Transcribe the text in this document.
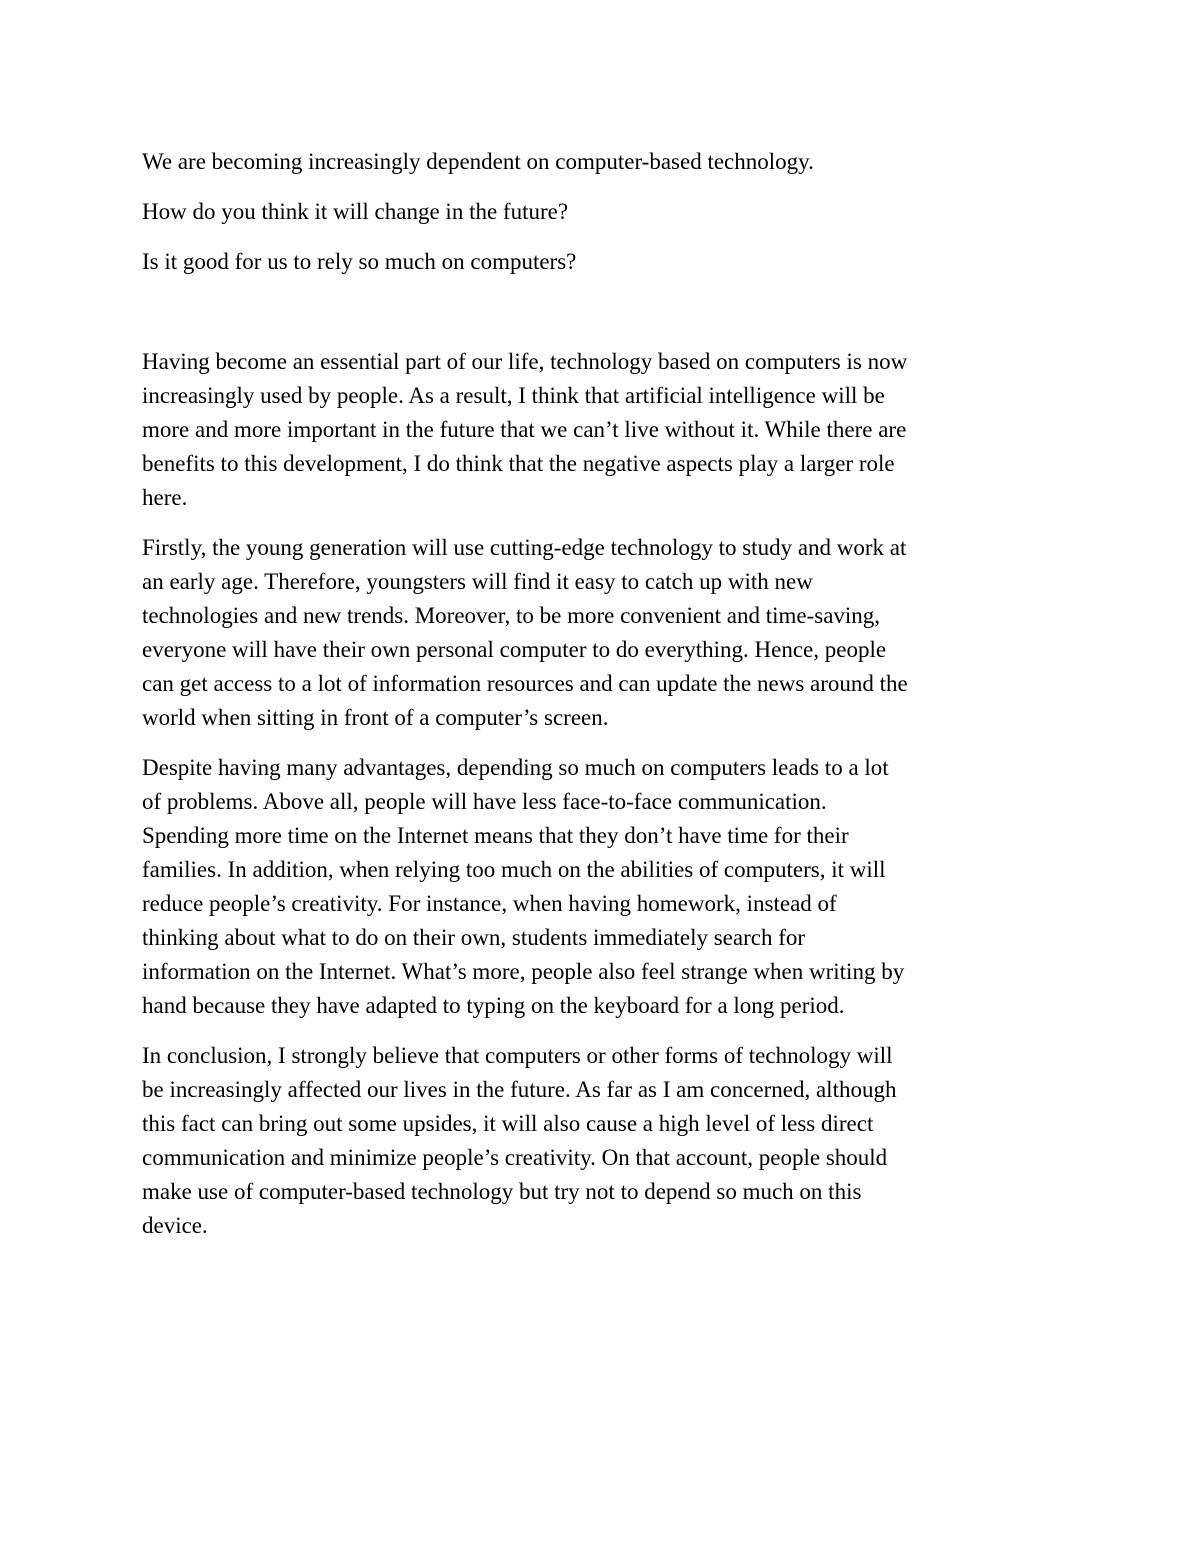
We are becoming increasingly dependent on computer-based technology.
How do you think it will change in the future?
Is it good for us to rely so much on computers?

Having become an essential part of our life, technology based on computers is now
increasingly used by people. As a result, I think that artificial intelligence will be
more and more important in the future that we can’t live without it. While there are
benefits to this development, I do think that the negative aspects play a larger role
here.

Firstly, the young generation will use cutting-edge technology to study and work at
an early age. Therefore, youngsters will find it easy to catch up with new
technologies and new trends. Moreover, to be more convenient and time-saving,
everyone will have their own personal computer to do everything. Hence, people
can get access to a lot of information resources and can update the news around the
world when sitting in front of a computer’s screen.

Despite having many advantages, depending so much on computers leads to a lot
of problems. Above all, people will have less face-to-face communication.
Spending more time on the Internet means that they don’t have time for their
families. In addition, when relying too much on the abilities of computers, it will
reduce people’s creativity. For instance, when having homework, instead of
thinking about what to do on their own, students immediately search for
information on the Internet. What’s more, people also feel strange when writing by
hand because they have adapted to typing on the keyboard for a long period.

In conclusion, I strongly believe that computers or other forms of technology will
be increasingly affected our lives in the future. As far as I am concerned, although
this fact can bring out some upsides, it will also cause a high level of less direct
communication and minimize people’s creativity. On that account, people should
make use of computer-based technology but try not to depend so much on this
device.
